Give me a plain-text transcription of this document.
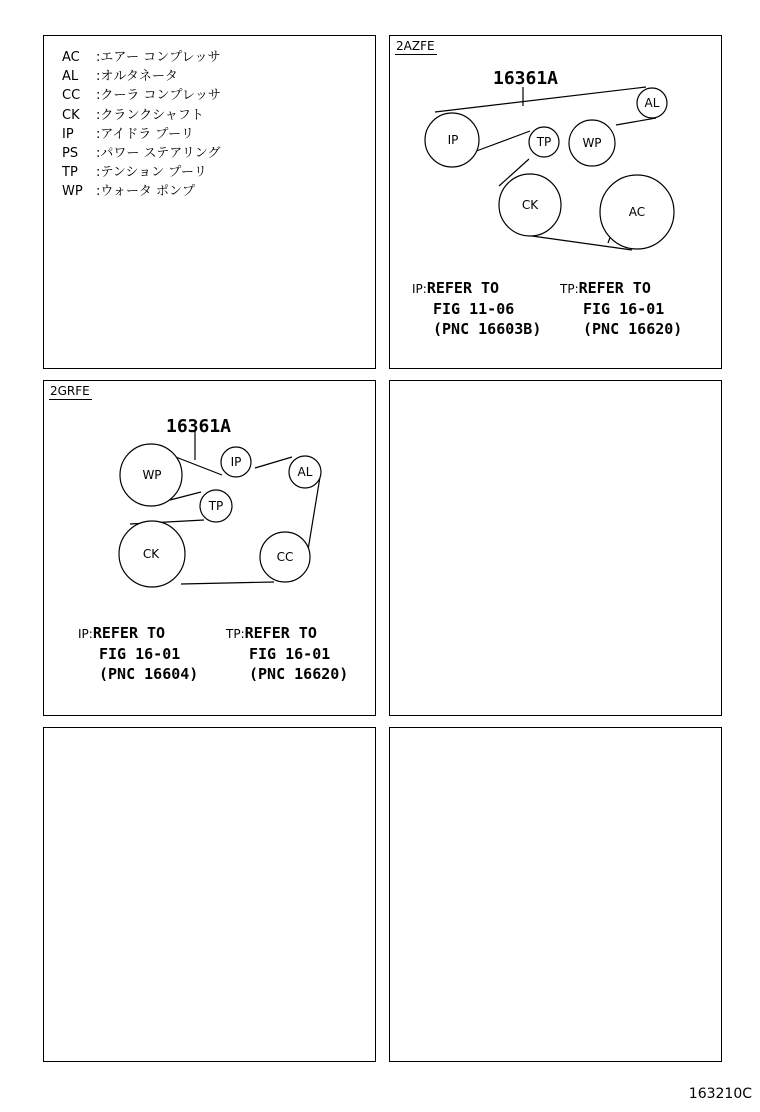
AC :エアー コンプレッサ
AL :オルタネータ
CC :クーラ コンプレッサ
CK :クランクシャフト
IP :アイドラ プーリ
PS :パワー ステアリング
TP :テンション プーリ
WP :ウォータ ポンプ
2AZFE
IP	TP	WP
AL
CK	AC
16361A
IP:REFER TO
FIG 11-06
(PNC 16603B)
TP:REFER TO
FIG 16-01
(PNC 16620)
2GRFE
WP
IP
AL
TP
CK	CC
16361A
IP:REFER TO
FIG 16-01
(PNC 16604)
TP:REFER TO
FIG 16-01
(PNC 16620)
163210C
